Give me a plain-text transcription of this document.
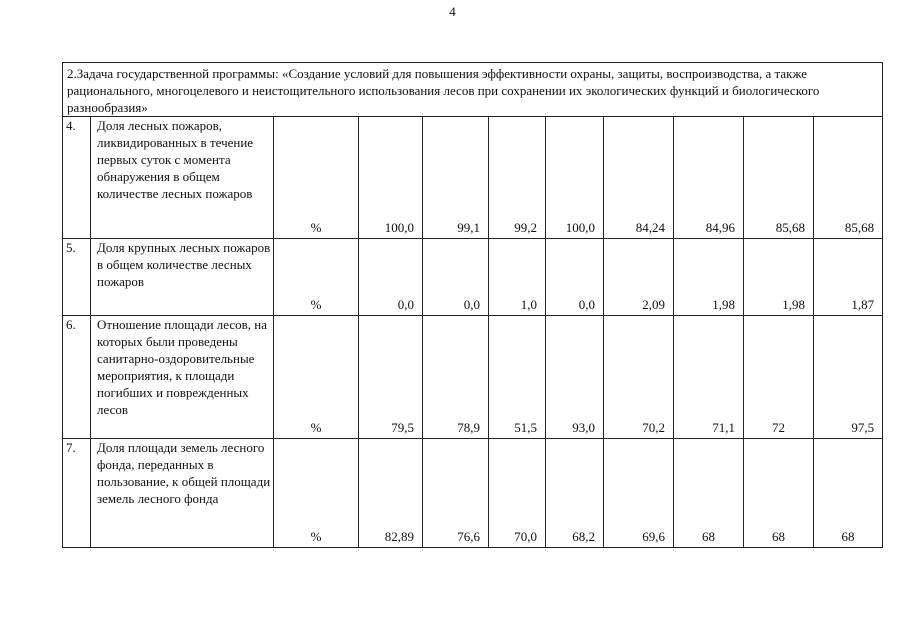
4
2.Задача государственной программы: «Создание условий для повышения эффективности охраны, защиты, воспроизводства, а также рационального, многоцелевого и неистощительного использования лесов при сохранении их экологических функций и биологического разнообразия»										
4.	Доля лесных пожаров, ликвидированных в течение первых суток с момента обнаружения в общем количестве лесных пожаров	%	100,0	99,1	99,2	100,0	84,24	84,96	85,68	85,68
5.	Доля крупных лесных пожаров в общем количестве лесных пожаров	%	0,0	0,0	1,0	0,0	2,09	1,98	1,98	1,87
6.	Отношение площади лесов, на которых были проведены санитарно-оздоровительные мероприятия, к площади погибших и поврежденных лесов	%	79,5	78,9	51,5	93,0	70,2	71,1	72	97,5
7.	Доля площади земель лесного фонда, переданных в пользование, к общей площади земель лесного фонда	%	82,89	76,6	70,0	68,2	69,6	68	68	68
